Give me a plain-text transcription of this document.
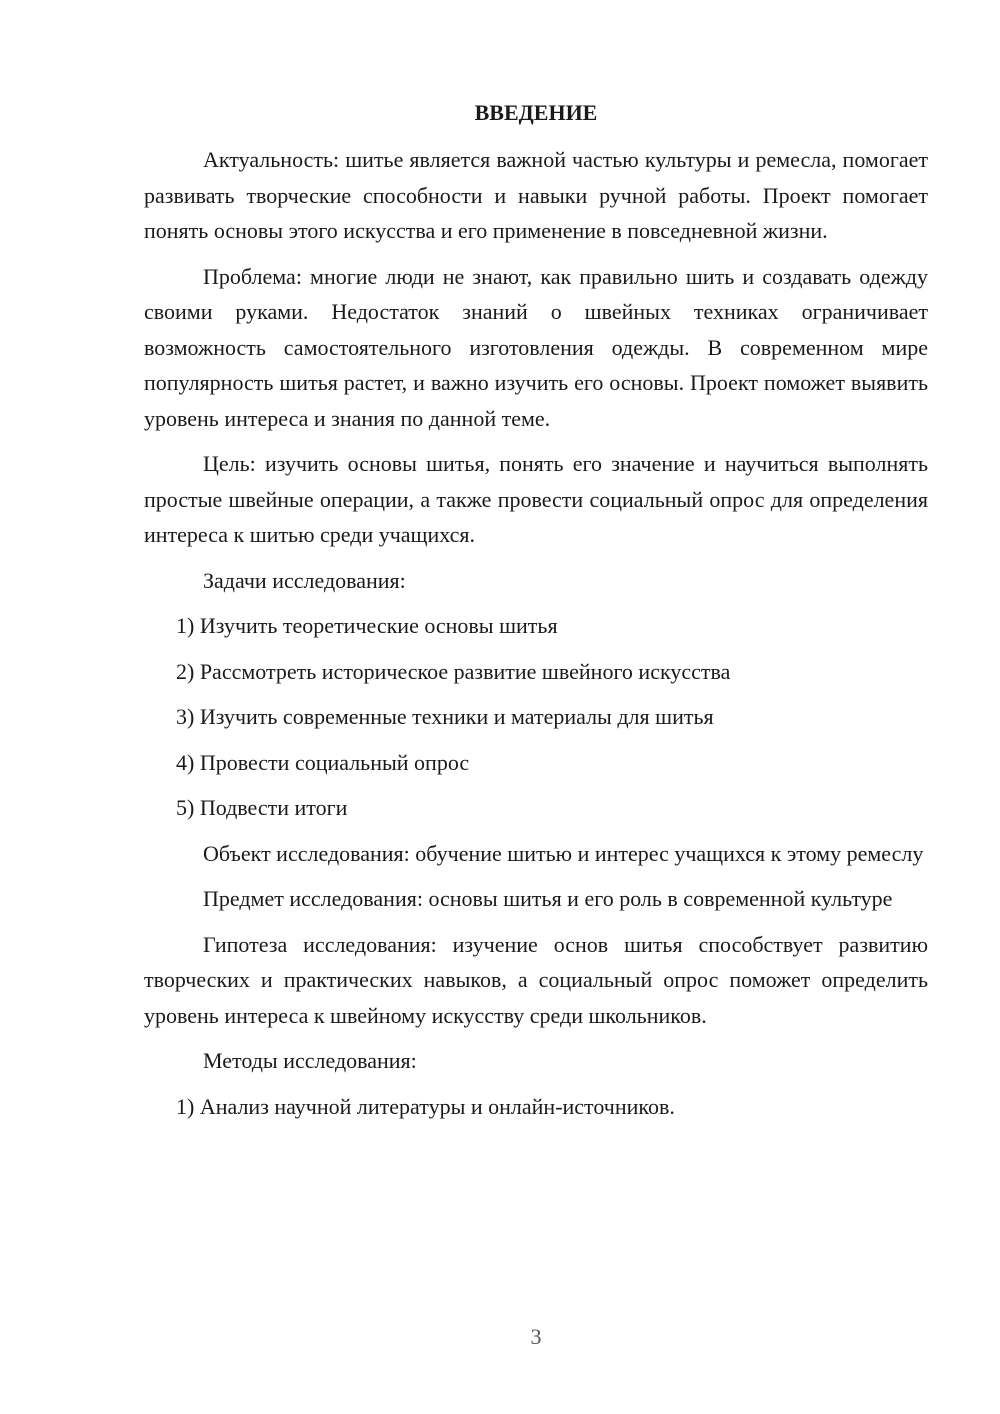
ВВЕДЕНИЕ
Актуальность: шитье является важной частью культуры и ремесла, помогает развивать творческие способности и навыки ручной работы. Проект помогает понять основы этого искусства и его применение в повседневной жизни.
Проблема: многие люди не знают, как правильно шить и создавать одежду своими руками. Недостаток знаний о швейных техниках ограничивает возможность самостоятельного изготовления одежды. В современном мире популярность шитья растет, и важно изучить его основы. Проект поможет выявить уровень интереса и знания по данной теме.
Цель: изучить основы шитья, понять его значение и научиться выполнять простые швейные операции, а также провести социальный опрос для определения интереса к шитью среди учащихся.
Задачи исследования:
1) Изучить теоретические основы шитья
2) Рассмотреть историческое развитие швейного искусства
3) Изучить современные техники и материалы для шитья
4) Провести социальный опрос
5) Подвести итоги
Объект исследования: обучение шитью и интерес учащихся к этому ремеслу
Предмет исследования: основы шитья и его роль в современной культуре
Гипотеза исследования: изучение основ шитья способствует развитию творческих и практических навыков, а социальный опрос поможет определить уровень интереса к швейному искусству среди школьников.
Методы исследования:
1) Анализ научной литературы и онлайн-источников.
3
